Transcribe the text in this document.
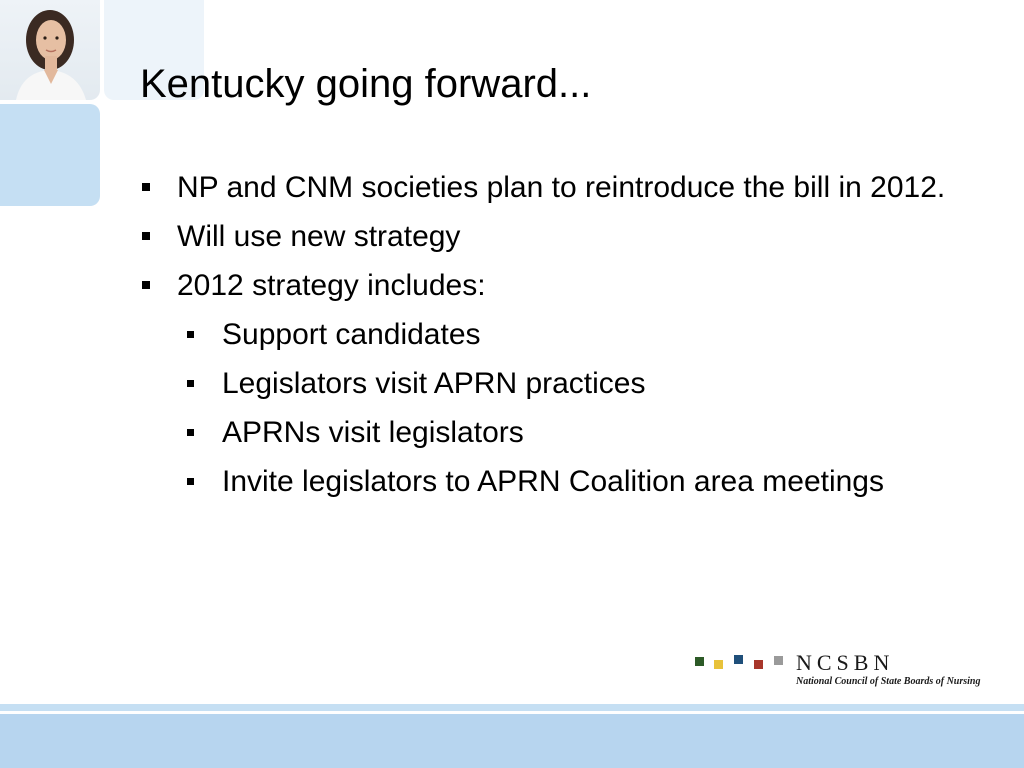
Kentucky going forward...
NP and CNM societies plan to reintroduce the bill in 2012.
Will use new strategy
2012 strategy includes:
Support candidates
Legislators visit APRN practices
APRNs visit legislators
Invite legislators to APRN Coalition area meetings
NCSBN
National Council of State Boards of Nursing
